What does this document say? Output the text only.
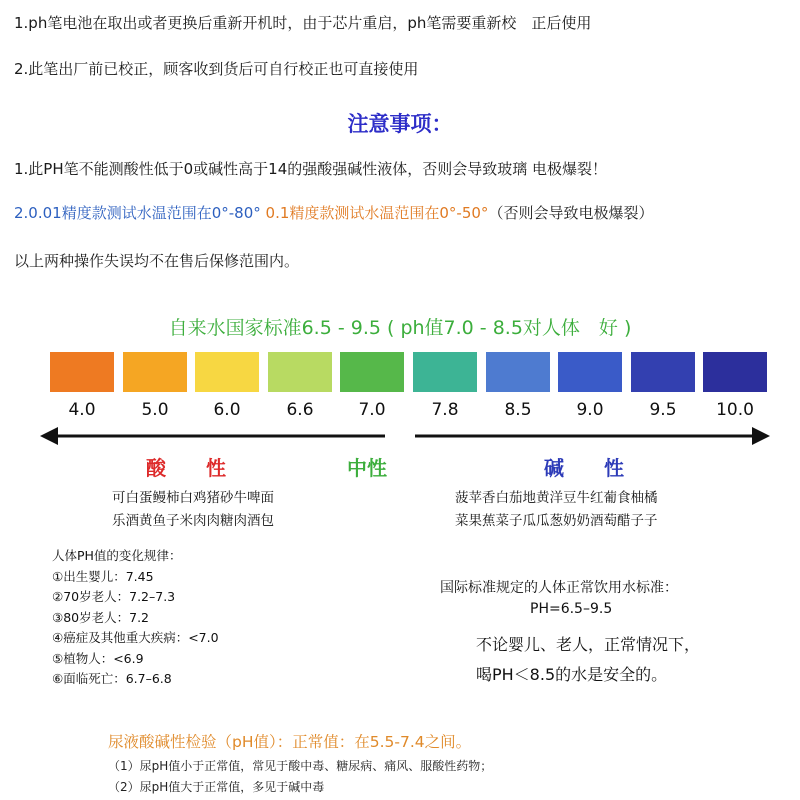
1.ph笔电池在取出或者更换后重新开机时，由于芯片重启，ph笔需要重新校　正后使用
2.此笔出厂前已校正，顾客收到货后可自行校正也可直接使用
注意事项：
1.此PH笔不能测酸性低于0或碱性高于14的强酸强碱性液体，否则会导致玻璃 电极爆裂！
2.0.01精度款测试水温范围在0°-80° 0.1精度款测试水温范围在0°-50°（否则会导致电极爆裂）
以上两种操作失误均不在售后保修范围内。
自来水国家标准6.5 - 9.5 ( ph值7.0 - 8.5对人体　好 )
4.0	5.0	6.0	6.6	7.0	7.8	8.5	9.0	9.5	10.0
酸　　性	中性	碱　　性
可白蛋鳗柿白鸡猪砂牛啤面
乐酒黄鱼子米肉肉糖肉酒包
菠苹香白茄地黄洋豆牛红葡食柚橘
菜果蕉菜子瓜瓜葱奶奶酒萄醋子子
人体PH值的变化规律：
①出生婴儿：7.45
②70岁老人：7.2–7.3
③80岁老人：7.2
④癌症及其他重大疾病：<7.0
⑤植物人：<6.9
⑥面临死亡：6.7–6.8
国际标准规定的人体正常饮用水标准：
PH=6.5–9.5
不论婴儿、老人，正常情况下，
喝PH＜8.5的水是安全的。
尿液酸碱性检验（pH值）：正常值：在5.5-7.4之间。
（1）尿pH值小于正常值，常见于酸中毒、糖尿病、痛风、服酸性药物；
（2）尿pH值大于正常值，多见于碱中毒
